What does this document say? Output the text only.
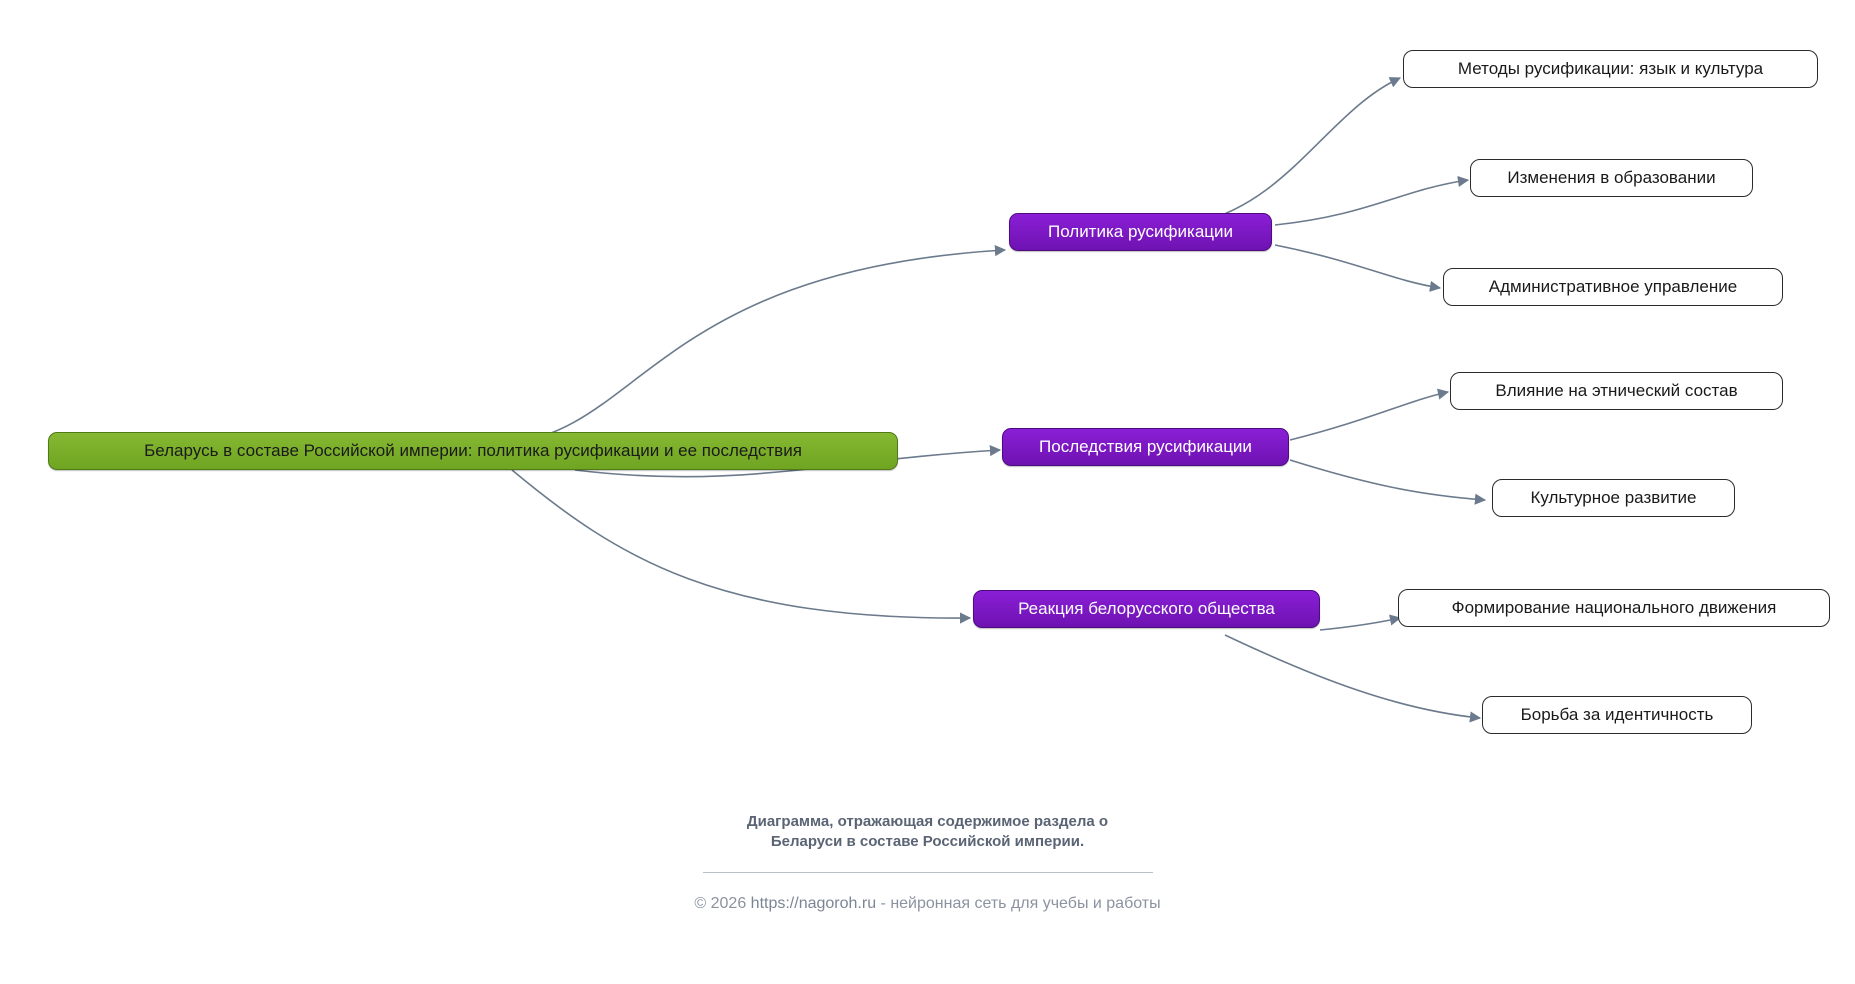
Беларусь в составе Российской империи: политика русификации и ее последствия
Политика русификации
Методы русификации: язык и культура
Изменения в образовании
Административное управление
Последствия русификации
Влияние на этнический состав
Культурное развитие
Реакция белорусского общества	Формирование национального движения
Борьба за идентичность
Диаграмма, отражающая содержимое раздела о
Беларуси в составе Российской империи.
© 2026 https://nagoroh.ru - нейронная сеть для учебы и работы
